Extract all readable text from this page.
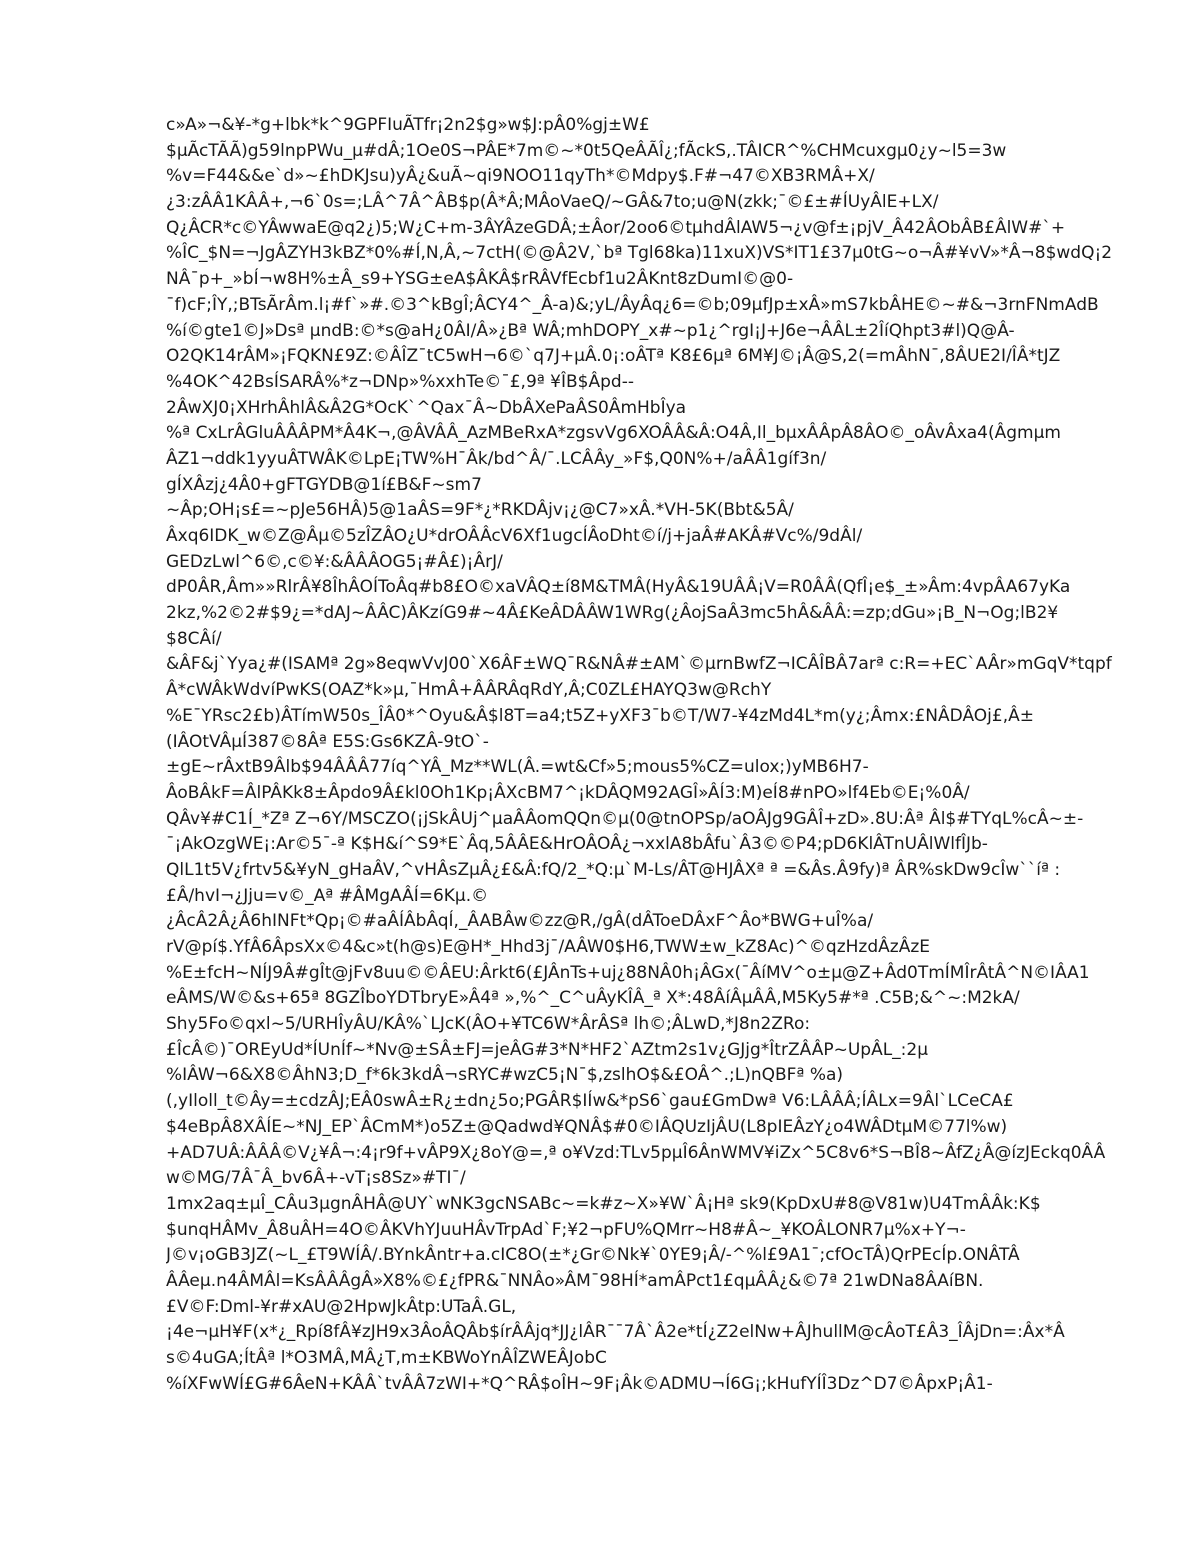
c»A»¬&¥-*g+lbk*k^9GPFIuÃTfr¡2n2$g»w$J:pÂ0%gj±W£
$µÃcTÃÃ)g59lnpPWu_µ#dÂ;1Oe0S¬PÂE*7m©~*0t5QeÂÃÎ¿;fÃckS,.TÂICR^%CHMcuxgµ0¿y~l5=3w
%v=F44&&e`d»~£hDKJsu)yÂ¿&uÃ~qi9NOO11qyTh*©Mdpy$.F#¬47©XB3RMÂ+X/
¿3:zÂÂ1KÂÂ+,¬6`0s=;LÂ^7Â^ÂB$p(Â*Â;MÂoVaeQ/~GÂ&7to;u@N(zkk;¯©£±#ÍUyÂlE+LX/
Q¿ÂCR*c©YÂwwaE@q2¿)5;W¿C+m-3ÂYÂzeGDÂ;±Âor/2oo6©tµhdÂlAW5¬¿v@f±¡pjV_Â42ÂObÂB£ÂlW#`+
%ÎC_$N=¬JgÂZYH3kBZ*0%#Í,N,Â,~7ctH(©@Â2V,`bª Tgl68ka)11xuX)VS*IT1£37µ0tG~o¬Â#¥vV»*Â¬8$wdQ¡2
NÂ¯p+_»bÍ¬w8H%±Â_s9+YSG±eA$ÂKÂ$rRÂVfEcbf1u2ÂKnt8zDumI©@0-
¯f)cF;ÎY,;BTsÃrÂm.l¡#f`»#.©3^kBgÎ;ÂCY4^_Â-a)&;yL/ÂyÂq¿6=©b;09µfJp±xÂ»mS7kbÂHE©~#&¬3rnFNmAdB
%í©gte1©J»Dsª µndB:©*s@aH¿0ÂI/Â»¿Bª WÂ;mhDOPY_x#~p1¿^rgI¡J+J6e¬ÂÂL±2ÎíQhpt3#l)Q@Â-
O2QK14rÂM»¡FQKN£9Z:©ÂÎZ¯tC5wH¬6©`q7J+µÂ.0¡:oÂTª K8£6µª 6M¥J©¡Â@S,2(=mÂhN¯,8ÂUE2I/ÎÂ*tJZ
%4OK^42BsÍSARÂ%*z¬DNp»%xxhTe©¯£,9ª ¥ÎB$Âpd--
2ÂwXJ0¡XHrhÂhlÂ&Â2G*OcK`^Qax¯Â~DbÂXePaÂS0ÂmHbÎya
%ª CxLrÂGluÂÂÂPM*Â4K¬,@ÂVÂÂ_AzMBeRxA*zgsvVg6XOÂÂ&Â:O4Â,Il_bµxÂÂpÂ8ÂO©_oÂvÂxa4(Âgmµm
ÂZ1¬ddk1yyuÂTWÂK©LpE¡TW%H¯Âk/bd^Â/¯.LCÂÂy_»F$,Q0N%+/aÂÂ1gíf3n/
gÍXÂzj¿4Â0+gFTGYDB@1í£B&F~sm7
~Âp;OH¡s£=~pJe56HÂ)5@1aÂS=9F*¿*RKDÂjv¡¿@C7»xÂ.*VH-5K(Bbt&5Â/
Âxq6IDK_w©Z@Âµ©5zÎZÂO¿U*drOÂÂcV6Xf1ugcÍÂoDht©í/j+jaÂ#AKÂ#Vc%/9dÂl/
GEDzLwl^6©,c©¥:&ÂÂÂOG5¡#Â£)¡ÂrJ/
dP0ÂR,Âm»»RlrÂ¥8ÎhÂOÍToÂq#b8£O©xaVÂQ±í8M&TMÂ(HyÂ&19UÂÂ¡V=R0ÂÂ(QfÎ¡e$_±»Âm:4vpÂA67yKa
2kz,%2©2#$9¿=*dAJ~ÂÂC)ÂKzíG9#~4Â£KeÂDÂÂW1WRg(¿ÂojSaÂ3mc5hÂ&ÂÂ:=zp;dGu»¡B_N¬Og;lB2¥
$8CÂí/
&ÂF&j`Yya¿#(ISAMª 2g»8eqwVvJ00`X6ÂF±WQ¯R&NÂ#±AM`©µrnBwfZ¬ICÂÎBÂ7arª c:R=+EC`AÂr»mGqV*tqpf
Â*cWÂkWdvíPwKS(OAZ*k»µ,¯HmÂ+ÂÂRÂqRdY,Â;C0ZL£HAYQ3w@RchY
%E¯YRsc2£b)ÂTímW50s_ÎÂ0*^Oyu&Â$l8T=a4;t5Z+yXF3¯b©T/W7-¥4zMd4L*m(y¿;Âmx:£NÂDÂOj£,Â±
(IÂOtVÂµÍ387©8Âª E5S:Gs6KZÂ-9tO`-
±gE~rÂxtB9Âlb$94ÂÂÂ77íq^YÂ_Mz**WL(Â.=wt&Cf»5;mous5%CZ=ulox;)yMB6H7-
ÂoBÂkF=ÂlPÂKk8±Âpdo9Â£kl0Oh1Kp¡ÂXcBM7^¡kDÂQM92AGÎ»ÂÍ3:M)eÍ8#nPO»lf4Eb©E¡%0Â/
QÂv¥#C1Í_*Zª Z¬6Y/MSCZO(¡jSkÂUj^µaÂÂomQQn©µ(0@tnOPSp/aOÂJg9GÂÎ+zD».8U:Âª Âl$#TYqL%cÂ~±-
¯¡AkOzgWE¡:Ar©5¯-ª K$H&í^S9*E`Âq,5ÂÂE&HrOÂOÂ¿¬xxlA8bÂfu`Â3©©P4;pD6KlÂTnUÂlWlfÎJb-
QlL1t5V¿frtv5&¥yN_gHaÂV,^vHÂsZµÂ¿£&Â:fQ/2_*Q:µ`M-Ls/ÂT@HJÂXª ª =&Âs.Â9fy)ª ÂR%skDw9cÎw``íª :
£Â/hvI¬¿Jju=v©_Aª #ÂMgAÂÍ=6Kµ.©
¿ÂcÂ2Â¿Â6hINFt*Qp¡©#aÂÍÂbÂqÍ,_ÂABÂw©zz@R,/gÂ(dÂToeDÂxF^Âo*BWG+uÎ%a/
rV@pí$.YfÂ6ÂpsXx©4&c»t(h@s)E@H*_Hhd3j¯/AÂW0$H6,TWW±w_kZ8Ac)^©qzHzdÂzÂzE
%E±fcH~NÍJ9Â#gÎt@jFv8uu©©ÂEU:Ârkt6(£JÂnTs+uj¿88NÂ0h¡ÂGx(¯ÂíMV^o±µ@Z+Âd0TmÍMÎrÂtÂ^N©IÂA1
eÂMS/W©&s+65ª 8GZÎboYDTbryE»Â4ª »,%^_C^uÂyKÎÂ_ª X*:48ÂíÂµÂÂ,M5Ky5#*ª .C5B;&^~:M2kA/
Shy5Fo©qxl~5/URHÎyÂU/KÂ%`LJcK(ÂO+¥TC6W*ÂrÂSª lh©;ÂLwD,*J8n2ZRo:
£ÎcÂ©)¯OREyUd*ÍUnÍf~*Nv@±SÂ±FJ=jeÂG#3*N*HF2`AZtm2s1v¿GJjg*ÎtrZÂÂP~UpÂL_:2µ
%IÂW¬6&X8©ÂhN3;D_f*6k3kdÂ¬sRYC#wzC5¡N¯$,zslhO$&£OÂ^.;L)nQBFª %a)
(,yIloll_t©Ây=±cdzÂJ;EÂ0swÂ±R¿±dn¿5o;PGÂR$IÍw&*pS6`gau£GmDwª V6:LÂÂÂ;ÍÂLx=9Âl`LCeCA£
$4eBpÂ8XÂÍE~*NJ_EP`ÂCmM*)o5Z±@Qadwd¥QNÂ$#0©IÂQUzIjÂU(L8pIEÂzY¿o4WÂDtµM©77l%w)
+AD7UÂ:ÂÂÂ©V¿¥Â¬:4¡r9f+vÂP9X¿8oY@=,ª o¥Vzd:TLv5pµÎ6ÂnWMV¥iZx^5C8v6*S¬BÎ8~ÂfZ¿Â@ízJEckq0ÂÂ
w©MG/7Â¯Â_bv6Â+-vT¡s8Sz»#TI¯/
1mx2aq±µÎ_CÂu3µgnÂHÂ@UY`wNK3gcNSABc~=k#z~X»¥W`Â¡Hª sk9(KpDxU#8@V81w)U4TmÂÂk:K$
$unqHÂMv_Â8uÂH=4O©ÂKVhYJuuHÂvTrpAd`F;¥2¬pFU%QMrr~H8#Â~_¥KOÂLONR7µ%x+Y¬-
J©v¡oGB3JZ(~L_£T9WÍÂ/.BYnkÂntr+a.cIC8O(±*¿Gr©Nk¥`0YE9¡Â/-^%l£9A1¯;cfOcTÂ)QrPEcÍp.ONÂTÂ
ÂÂeµ.n4ÂMÂl=KsÂÂÂgÂ»X8%©£¿fPR&¯NNÂo»ÂM¯98HÍ*amÂPct1£qµÂÂ¿&©7ª 21wDNa8ÂAíBN.
£V©F:Dml-¥r#xAU@2HpwJkÂtp:UTaÂ.GL,
¡4e¬µH¥F(x*¿_Rpí8fÂ¥zJH9x3ÂoÂQÂb$írÂÂjq*JJ¿lÂR¯¯7Â`Â2e*tÍ¿Z2elNw+ÂJhullM@cÂoT£Â3_ÎÂjDn=:Âx*Â
s©4uGA;ÍtÂª l*O3MÂ,MÂ¿T,m±KBWoYnÂÎZWEÂJobC
%íXFwWÍ£G#6ÂeN+KÂÂ`tvÂÂ7zWI+*Q^RÂ$oÎH~9F¡Âk©ADMU¬Í6G¡;kHufYÍÎ3Dz^D7©ÂpxP¡Â1-
